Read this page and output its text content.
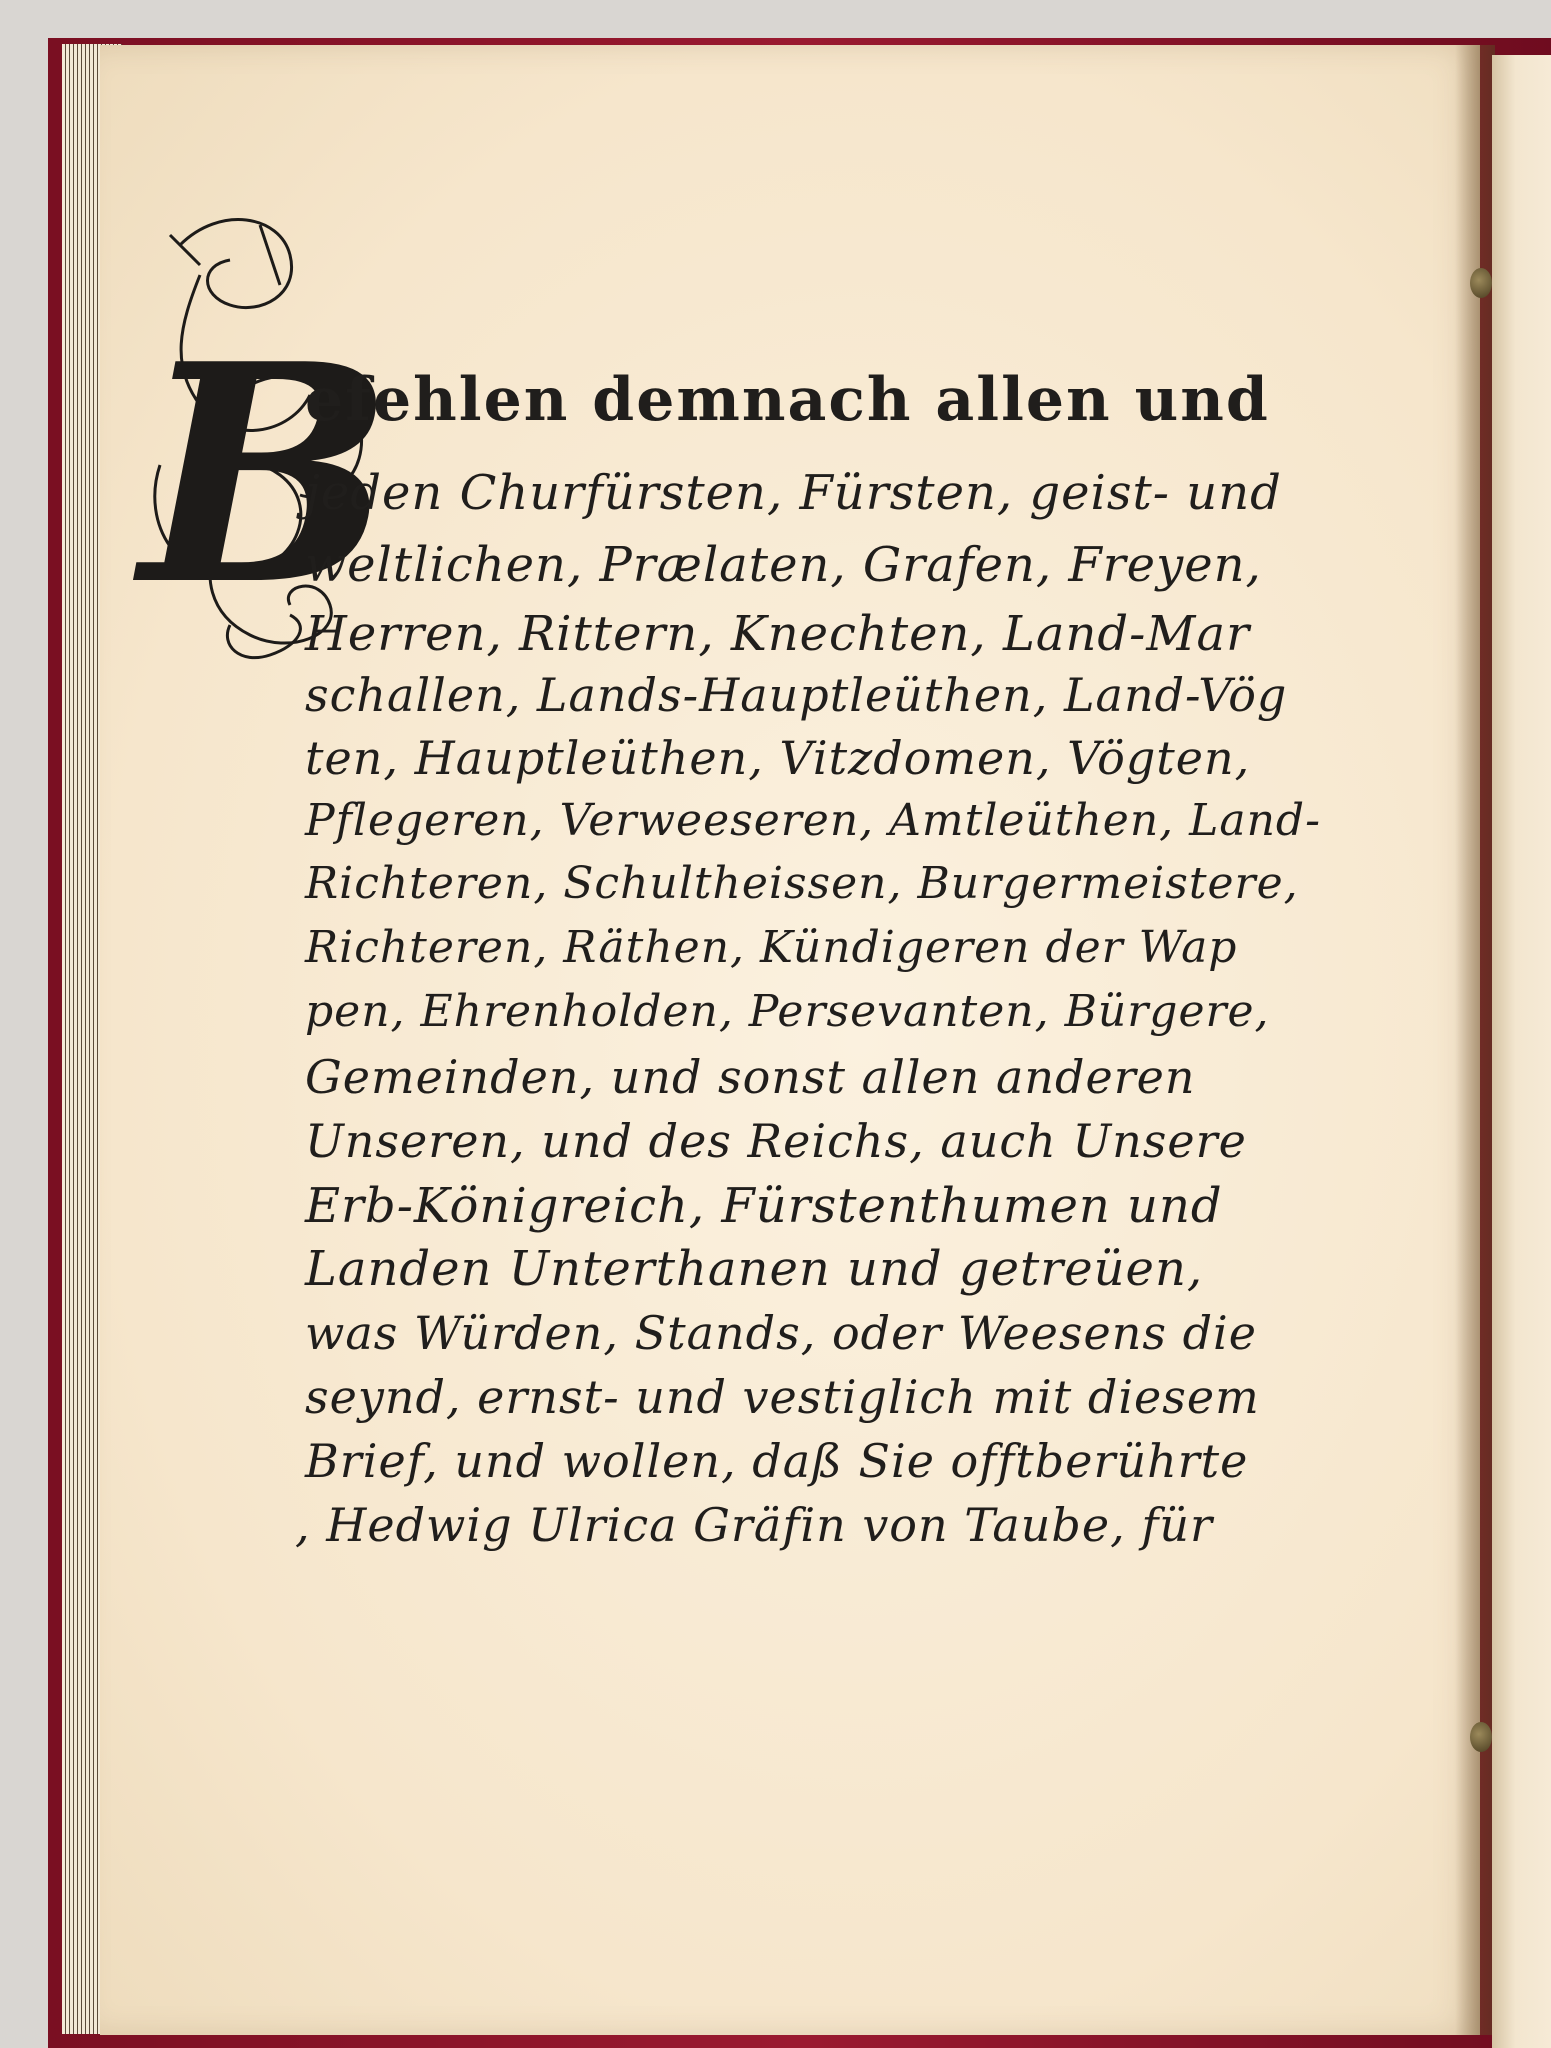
B
efehlen demnach allen und
jeden Churfürsten, Fürsten, geist- und
weltlichen, Prælaten, Grafen, Freyen,
Herren, Rittern, Knechten, Land-Mar
schallen, Lands-Hauptleüthen, Land-Vög
ten, Hauptleüthen, Vitzdomen, Vögten,
Pflegeren, Verweeseren, Amtleüthen, Land-
Richteren, Schultheissen, Burgermeistere,
Richteren, Räthen, Kündigeren der Wap
pen, Ehrenholden, Persevanten, Bürgere,
Gemeinden, und sonst allen anderen
Unseren, und des Reichs, auch Unsere
Erb-Königreich, Fürstenthumen und
Landen Unterthanen und getreüen,
was Würden, Stands, oder Weesens die
seynd, ernst- und vestiglich mit diesem
Brief, und wollen, daß Sie offtberührte
, Hedwig Ulrica Gräfin von Taube, für
